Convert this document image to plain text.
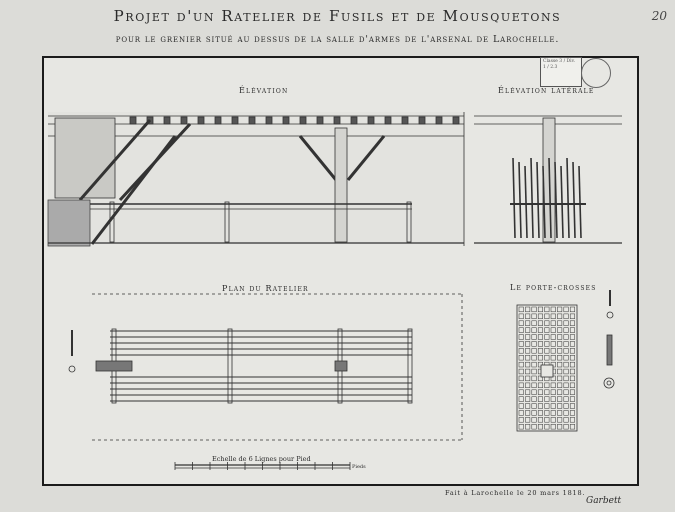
Projet d'un Ratelier de Fusils et de Mousquetons
pour le grenier situé au dessus de la salle d'armes de l'arsenal de Larochelle.
20
Classe 3 / Div. 1 / 2.3
Élévation	Élévation latérale
Plan du Ratelier	Le porte-crosses
Echelle de 6 Lignes pour Pied
Pieds
Fait à Larochelle le 20 mars 1818.
Garbett
